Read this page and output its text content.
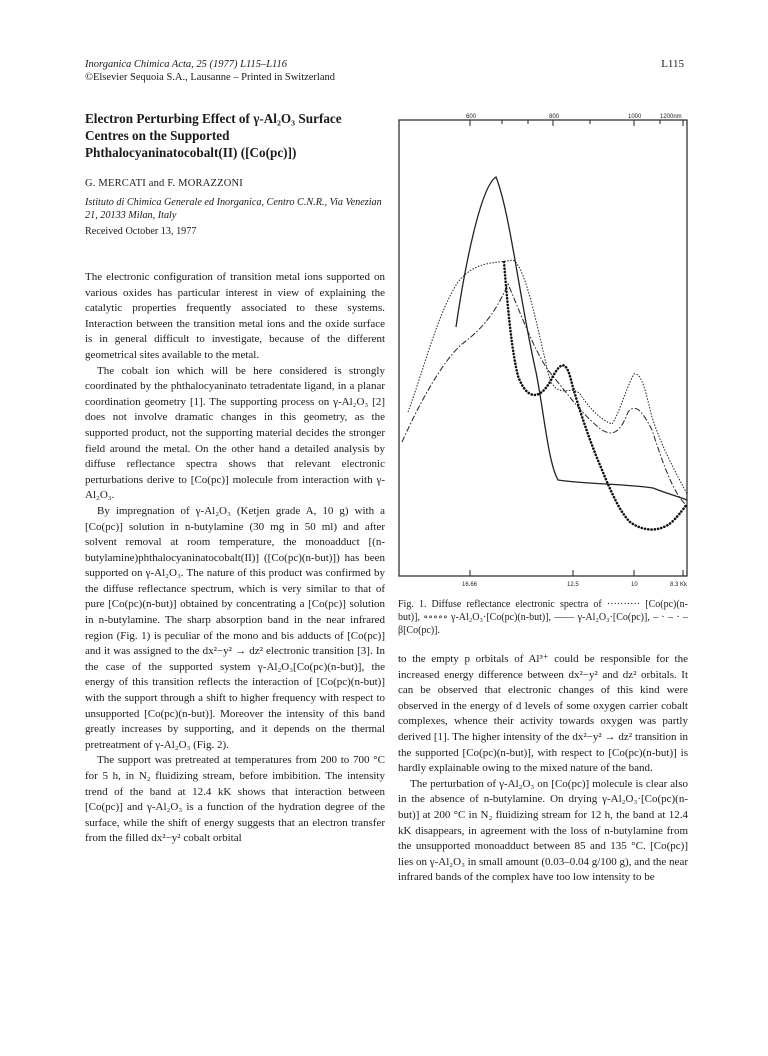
Inorganica Chimica Acta, 25 (1977) L115–L116
©Elsevier Sequoia S.A., Lausanne – Printed in Switzerland
L115
Electron Perturbing Effect of γ-Al₂O₃ Surface Centres on the Supported Phthalocyaninatocobalt(II) ([Co(pc)])
G. MERCATI and F. MORAZZONI
Istituto di Chimica Generale ed Inorganica, Centro C.N.R., Via Venezian 21, 20133 Milan, Italy
Received October 13, 1977

The electronic configuration of transition metal ions supported on various oxides has particular interest in view of explaining the catalytic properties frequently associated to these systems. Interaction between the transition metal ions and the oxide surface is in general difficult to investigate, because of the different geometrical sites available to the metal.

The cobalt ion which will be here considered is strongly coordinated by the phthalocyaninato tetradentate ligand, in a planar coordination geometry [1]. The supporting process on γ-Al₂O₃ [2] does not involve dramatic changes in this geometry, as the supported product, not the supporting material decides the stronger field around the metal. On the other hand a detailed analysis by diffuse reflectance spectra shows that relevant electronic perturbations derive to [Co(pc)] molecule from interaction with γ-Al₂O₃.

By impregnation of γ-Al₂O₃ (Ketjen grade A, 10 g) with a [Co(pc)] solution in n-butylamine (30 mg in 50 ml) and after solvent removal at room temperature, the monoadduct [(n-butylamine)phthalocyaninatocobalt(II)] ([Co(pc)(n-but)]) has been supported on γ-Al₂O₃. The nature of this product was confirmed by the diffuse reflectance spectrum, which is very similar to that of pure [Co(pc)(n-but)] obtained by concentrating a [Co(pc)] solution in n-butylamine. The sharp absorption band in the near infrared region (Fig. 1) is peculiar of the mono and bis adducts of [Co(pc)] and it was assigned to the dx²−y² → dz² electronic transition [3]. In the case of the supported system γ-Al₂O₃[Co(pc)(n-but)], the energy of this transition reflects the interaction of [Co(pc)(n-but)] with the support through a shift to higher frequency with respect to unsupported [Co(pc)(n-but)]. Moreover the intensity of this band greatly increases by supporting, and it depends on the thermal pretreatment of γ-Al₂O₃ (Fig. 2).

The support was pretreated at temperatures from 200 to 700 °C for 5 h, in N₂ fluidizing stream, before imbibition. The intensity trend of the band at 12.4 kK shows that interaction between [Co(pc)] and γ-Al₂O₃ is a function of the hydration degree of the surface, while the shift of energy suggests that an electron transfer from the filled dx²−y² cobalt orbital

600	800	1000	1200nm
16.66	12.5	10	8.3 Kk
Fig. 1. Diffuse reflectance electronic spectra of ·········· [Co(pc)(n-but)], ∘∘∘∘∘ γ-Al₂O₃·[Co(pc)(n-but)], —— γ-Al₂O₃·[Co(pc)], – · – · – β[Co(pc)].

to the empty p orbitals of Al³⁺ could be responsible for the increased energy difference between dx²−y² and dz² orbitals. It can be observed that electronic changes of this kind were observed in the energy of d levels of some oxygen carrier cobalt complexes, whence their activity towards oxygen was partly derived [1]. The higher intensity of the dx²−y² → dz² transition in the supported [Co(pc)(n-but)], with respect to [Co(pc)(n-but)] is hardly explainable owing to the mixed nature of the band.

The perturbation of γ-Al₂O₃ on [Co(pc)] molecule is clear also in the absence of n-butylamine. On drying γ-Al₂O₃·[Co(pc)(n-but)] at 200 °C in N₂ fluidizing stream for 12 h, the band at 12.4 kK disappears, in agreement with the loss of n-butylamine from the unsupported monoadduct between 85 and 135 °C. [Co(pc)] lies on γ-Al₂O₃ in small amount (0.03–0.04 g/100 g), and the near infrared bands of the complex have too low intensity to be
